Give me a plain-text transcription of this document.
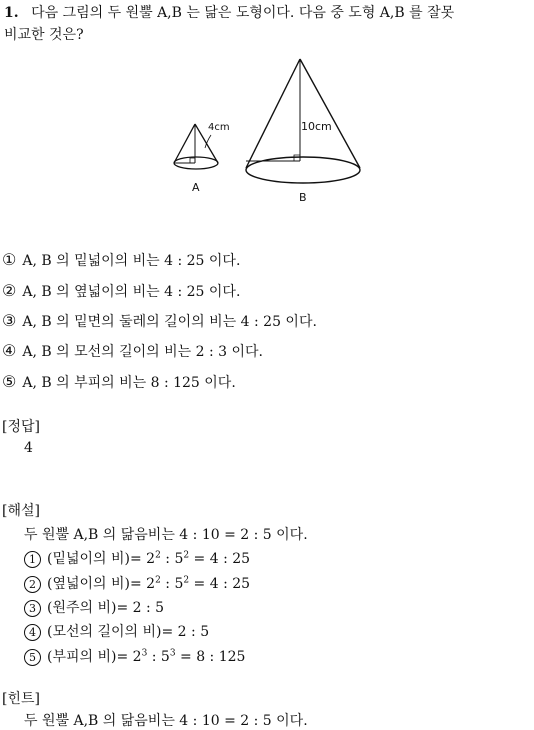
1. 다음 그림의 두 원뿔 A,B 는 닮은 도형이다. 다음 중 도형 A,B 를 잘못
비교한 것은?
4cm
A
10cm
B
① A, B 의 밑넓이의 비는 4 : 25 이다.
② A, B 의 옆넓이의 비는 4 : 25 이다.
③ A, B 의 밑면의 둘레의 길이의 비는 4 : 25 이다.
④ A, B 의 모선의 길이의 비는 2 : 3 이다.
⑤ A, B 의 부피의 비는 8 : 125 이다.
[정답]
4
[해설]
두 원뿔 A,B 의 닮음비는 4 : 10 = 2 : 5 이다.
1 (밑넓이의 비)= $2^2$ : $5^2 = 4$ : 25
2 (옆넓이의 비)= $2^2$ : $5^2 = 4$ : 25
3 (원주의 비)= 2 : 5
4 (모선의 길이의 비)= 2 : 5
5 (부피의 비)= $2^3$ : $5^3 = 8$ : 125
[힌트]
두 원뿔 A,B 의 닮음비는 4 : 10 = 2 : 5 이다.
